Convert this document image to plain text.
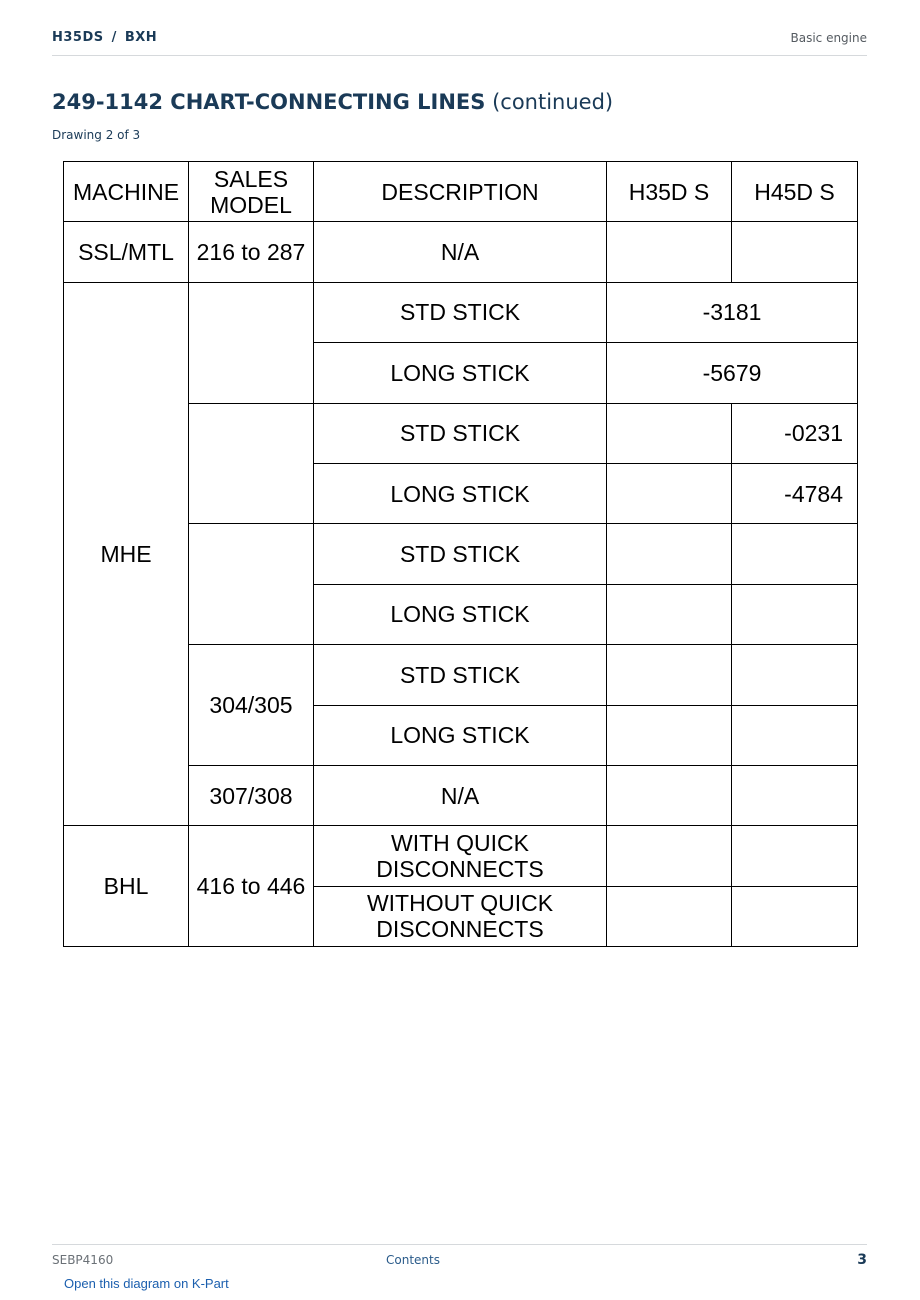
H35DS / BXH	Basic engine
249-1142 CHART-CONNECTING LINES (continued)
Drawing 2 of 3
MACHINE	SALES MODEL	DESCRIPTION	H35D S	H45D S
SSL/MTL	216 to 287	N/A		
MHE		STD STICK	-3181	
		LONG STICK	-5679	
		STD STICK		-0231
		LONG STICK		-4784
		STD STICK		
		LONG STICK		
	304/305	STD STICK		
		LONG STICK		
	307/308	N/A		
BHL	416 to 446	WITH QUICK DISCONNECTS		
		WITHOUT QUICK DISCONNECTS		
SEBP4160	Contents	3
Open this diagram on K-Part
